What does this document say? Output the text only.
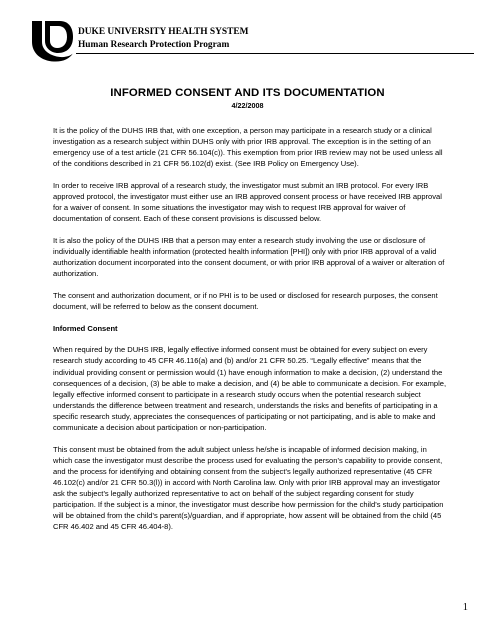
DUKE UNIVERSITY HEALTH SYSTEM
Human Research Protection Program
INFORMED CONSENT AND ITS DOCUMENTATION
4/22/2008

It is the policy of the DUHS IRB that, with one exception, a person may participate in a research study or a clinical investigation as a research subject within DUHS only with prior IRB approval. The exception is in the setting of an emergency use of a test article (21 CFR 56.104(c)). This exemption from prior IRB review may not be used unless all of the conditions described in 21 CFR 56.102(d) exist. (See IRB Policy on Emergency Use).

In order to receive IRB approval of a research study, the investigator must submit an IRB protocol. For every IRB approved protocol, the investigator must either use an IRB approved consent process or have received IRB approval for a waiver of consent. In some situations the investigator may wish to request IRB approval for waiver of documentation of consent. Each of these consent provisions is discussed below.

It is also the policy of the DUHS IRB that a person may enter a research study involving the use or disclosure of individually identifiable health information (protected health information [PHI]) only with prior IRB approval of a valid authorization document incorporated into the consent document, or with prior IRB approval of a waiver or alteration of authorization.

The consent and authorization document, or if no PHI is to be used or disclosed for research purposes, the consent document, will be referred to below as the consent document.

Informed Consent

When required by the DUHS IRB, legally effective informed consent must be obtained for every subject on every research study according to 45 CFR 46.116(a) and (b) and/or 21 CFR 50.25. “Legally effective” means that the individual providing consent or permission would (1) have enough information to make a decision, (2) understand the consequences of a decision, (3) be able to make a decision, and (4) be able to communicate a decision. For example, legally effective informed consent to participate in a research study occurs when the potential research subject understands the difference between treatment and research, understands the risks and benefits of participating in a specific research study, appreciates the consequences of participating or not participating, and is able to make and communicate a decision about participation or non-participation.

This consent must be obtained from the adult subject unless he/she is incapable of informed decision making, in which case the investigator must describe the process used for evaluating the person’s capability to provide consent, and the process for identifying and obtaining consent from the subject’s legally authorized representative (45 CFR 46.102(c) and/or 21 CFR 50.3(l)) in accord with North Carolina law. Only with prior IRB approval may an investigator ask the subject’s legally authorized representative to act on behalf of the subject regarding consent for study participation. If the subject is a minor, the investigator must describe how permission for the child’s study participation will be obtained from the child’s parent(s)/guardian, and if appropriate, how assent will be obtained from the child (45 CFR 46.402 and 45 CFR 46.404-8).

1
